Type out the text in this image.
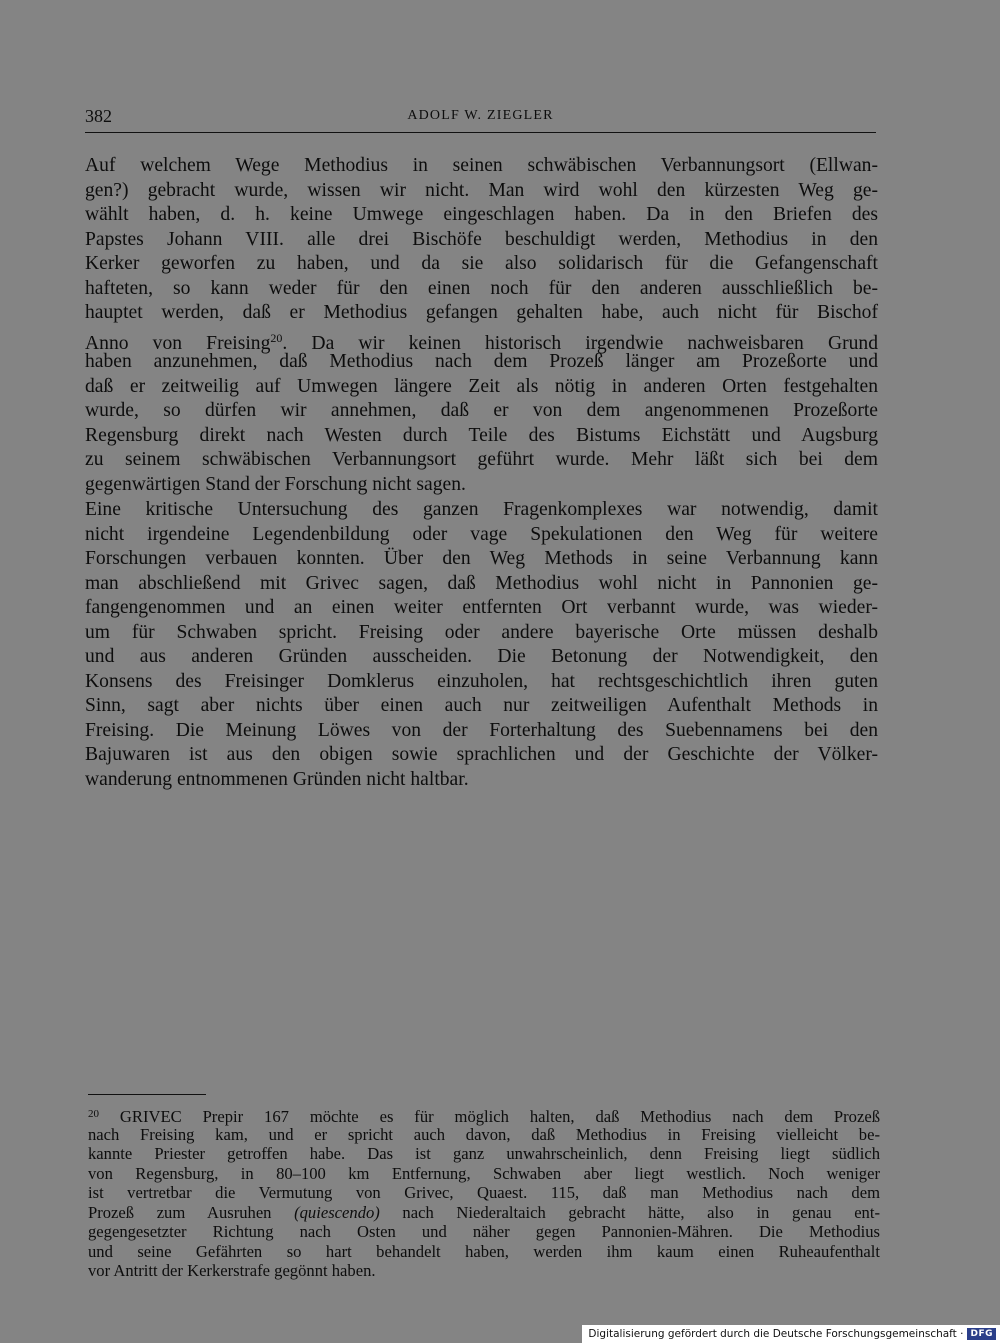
382	ADOLF W. ZIEGLER
Auf welchem Wege Methodius in seinen schwäbischen Verbannungsort (Ellwan-
gen?) gebracht wurde, wissen wir nicht. Man wird wohl den kürzesten Weg ge-
wählt haben, d. h. keine Umwege eingeschlagen haben. Da in den Briefen des
Papstes Johann VIII. alle drei Bischöfe beschuldigt werden, Methodius in den
Kerker geworfen zu haben, und da sie also solidarisch für die Gefangenschaft
hafteten, so kann weder für den einen noch für den anderen ausschließlich be-
hauptet werden, daß er Methodius gefangen gehalten habe, auch nicht für Bischof
Anno von Freising$^{20}$. Da wir keinen historisch irgendwie nachweisbaren Grund
haben anzunehmen, daß Methodius nach dem Prozeß länger am Prozeßorte und
daß er zeitweilig auf Umwegen längere Zeit als nötig in anderen Orten festgehalten
wurde, so dürfen wir annehmen, daß er von dem angenommenen Prozeßorte
Regensburg direkt nach Westen durch Teile des Bistums Eichstätt und Augsburg
zu seinem schwäbischen Verbannungsort geführt wurde. Mehr läßt sich bei dem
gegenwärtigen Stand der Forschung nicht sagen.
Eine kritische Untersuchung des ganzen Fragenkomplexes war notwendig, damit
nicht irgendeine Legendenbildung oder vage Spekulationen den Weg für weitere
Forschungen verbauen konnten. Über den Weg Methods in seine Verbannung kann
man abschließend mit Grivec sagen, daß Methodius wohl nicht in Pannonien ge-
fangengenommen und an einen weiter entfernten Ort verbannt wurde, was wieder-
um für Schwaben spricht. Freising oder andere bayerische Orte müssen deshalb
und aus anderen Gründen ausscheiden. Die Betonung der Notwendigkeit, den
Konsens des Freisinger Domklerus einzuholen, hat rechtsgeschichtlich ihren guten
Sinn, sagt aber nichts über einen auch nur zeitweiligen Aufenthalt Methods in
Freising. Die Meinung Löwes von der Forterhaltung des Suebennamens bei den
Bajuwaren ist aus den obigen sowie sprachlichen und der Geschichte der Völker-
wanderung entnommenen Gründen nicht haltbar.
$^{20}$ GRIVEC Prepir 167 möchte es für möglich halten, daß Methodius nach dem Prozeß
nach Freising kam, und er spricht auch davon, daß Methodius in Freising vielleicht be-
kannte Priester getroffen habe. Das ist ganz unwahrscheinlich, denn Freising liegt südlich
von Regensburg, in 80–100 km Entfernung, Schwaben aber liegt westlich. Noch weniger
ist vertretbar die Vermutung von Grivec, Quaest. 115, daß man Methodius nach dem
Prozeß zum Ausruhen (quiescendo) nach Niederaltaich gebracht hätte, also in genau ent-
gegengesetzter Richtung nach Osten und näher gegen Pannonien-Mähren. Die Methodius
und seine Gefährten so hart behandelt haben, werden ihm kaum einen Ruheaufenthalt
vor Antritt der Kerkerstrafe gegönnt haben.
Digitalisierung gefördert durch die Deutsche Forschungsgemeinschaft · DFG
